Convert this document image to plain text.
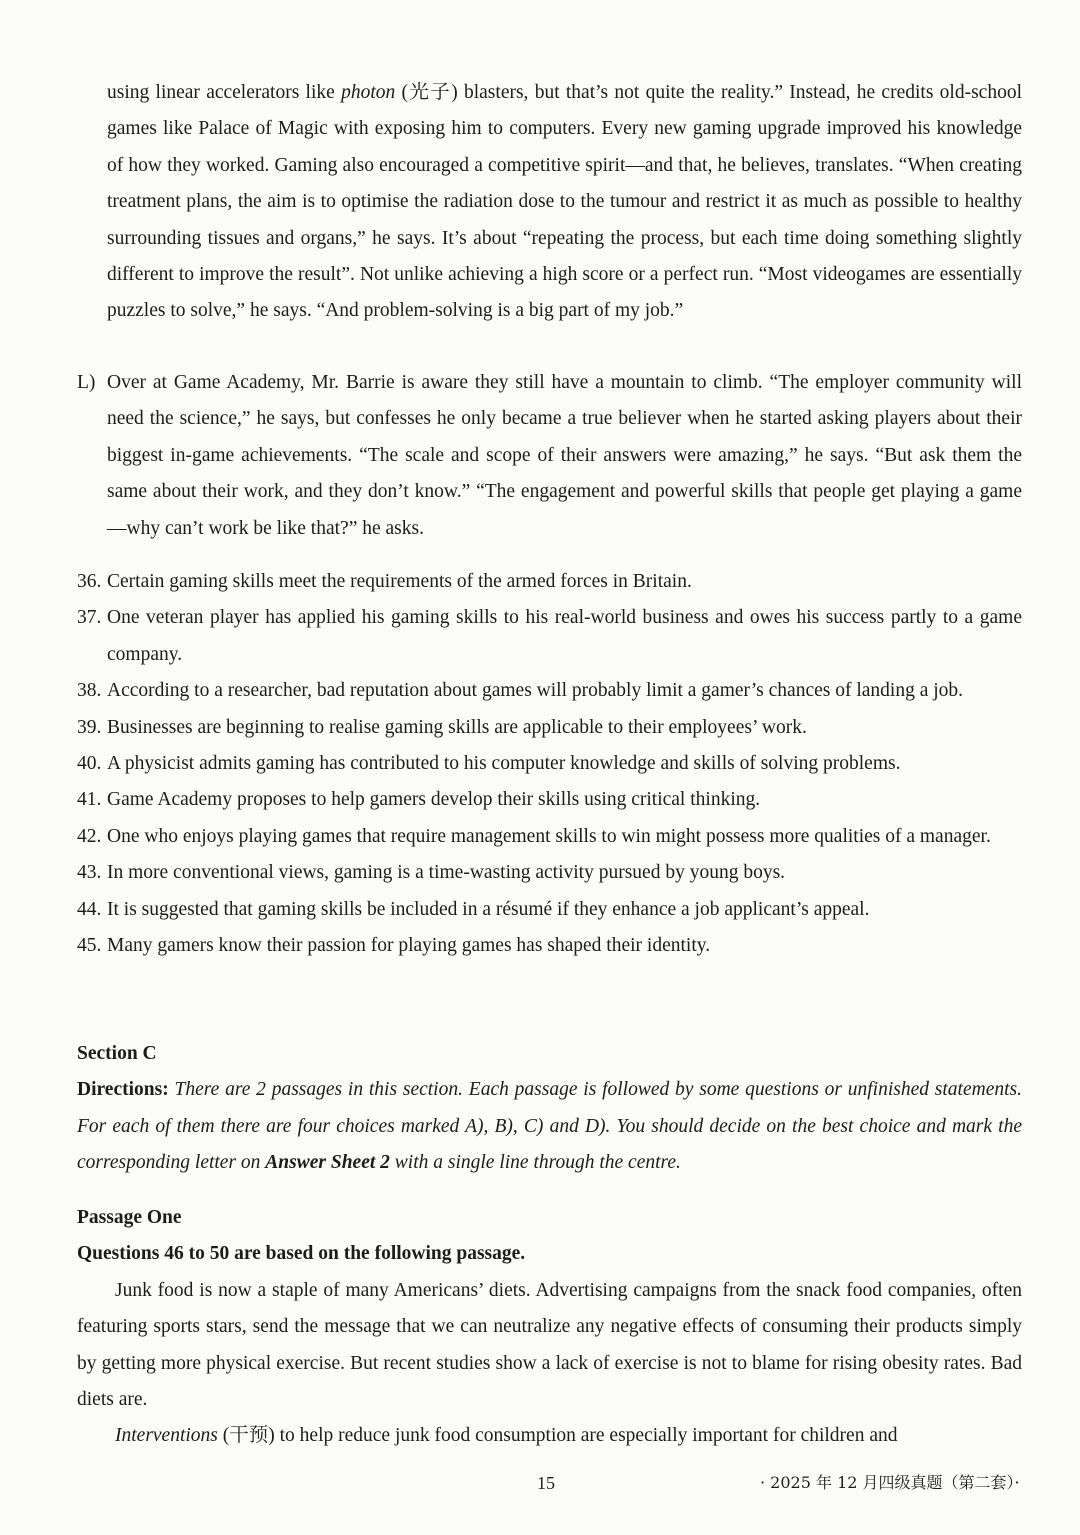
using linear accelerators like photon (光子) blasters, but that’s not quite the reality.” Instead, he credits old-school games like Palace of Magic with exposing him to computers. Every new gaming upgrade improved his knowledge of how they worked. Gaming also encouraged a competitive spirit—and that, he believes, translates. “When creating treatment plans, the aim is to optimise the radiation dose to the tumour and restrict it as much as possible to healthy surrounding tissues and organs,” he says. It’s about “repeating the process, but each time doing something slightly different to improve the result”. Not unlike achieving a high score or a perfect run. “Most videogames are essentially puzzles to solve,” he says. “And problem-solving is a big part of my job.”
L) Over at Game Academy, Mr. Barrie is aware they still have a mountain to climb. “The employer community will need the science,” he says, but confesses he only became a true believer when he started asking players about their biggest in-game achievements. “The scale and scope of their answers were amazing,” he says. “But ask them the same about their work, and they don’t know.” “The engagement and powerful skills that people get playing a game—why can’t work be like that?” he asks.
36. Certain gaming skills meet the requirements of the armed forces in Britain.
37. One veteran player has applied his gaming skills to his real-world business and owes his success partly to a game company.
38. According to a researcher, bad reputation about games will probably limit a gamer’s chances of landing a job.
39. Businesses are beginning to realise gaming skills are applicable to their employees’ work.
40. A physicist admits gaming has contributed to his computer knowledge and skills of solving problems.
41. Game Academy proposes to help gamers develop their skills using critical thinking.
42. One who enjoys playing games that require management skills to win might possess more qualities of a manager.
43. In more conventional views, gaming is a time-wasting activity pursued by young boys.
44. It is suggested that gaming skills be included in a résumé if they enhance a job applicant’s appeal.
45. Many gamers know their passion for playing games has shaped their identity.
Section C
Directions: There are 2 passages in this section. Each passage is followed by some questions or unfinished statements. For each of them there are four choices marked A), B), C) and D). You should decide on the best choice and mark the corresponding letter on Answer Sheet 2 with a single line through the centre.
Passage One
Questions 46 to 50 are based on the following passage.
Junk food is now a staple of many Americans’ diets. Advertising campaigns from the snack food companies, often featuring sports stars, send the message that we can neutralize any negative effects of consuming their products simply by getting more physical exercise. But recent studies show a lack of exercise is not to blame for rising obesity rates. Bad diets are.
Interventions (干预) to help reduce junk food consumption are especially important for children and
15	· 2025 年 12 月四级真题（第二套）·
